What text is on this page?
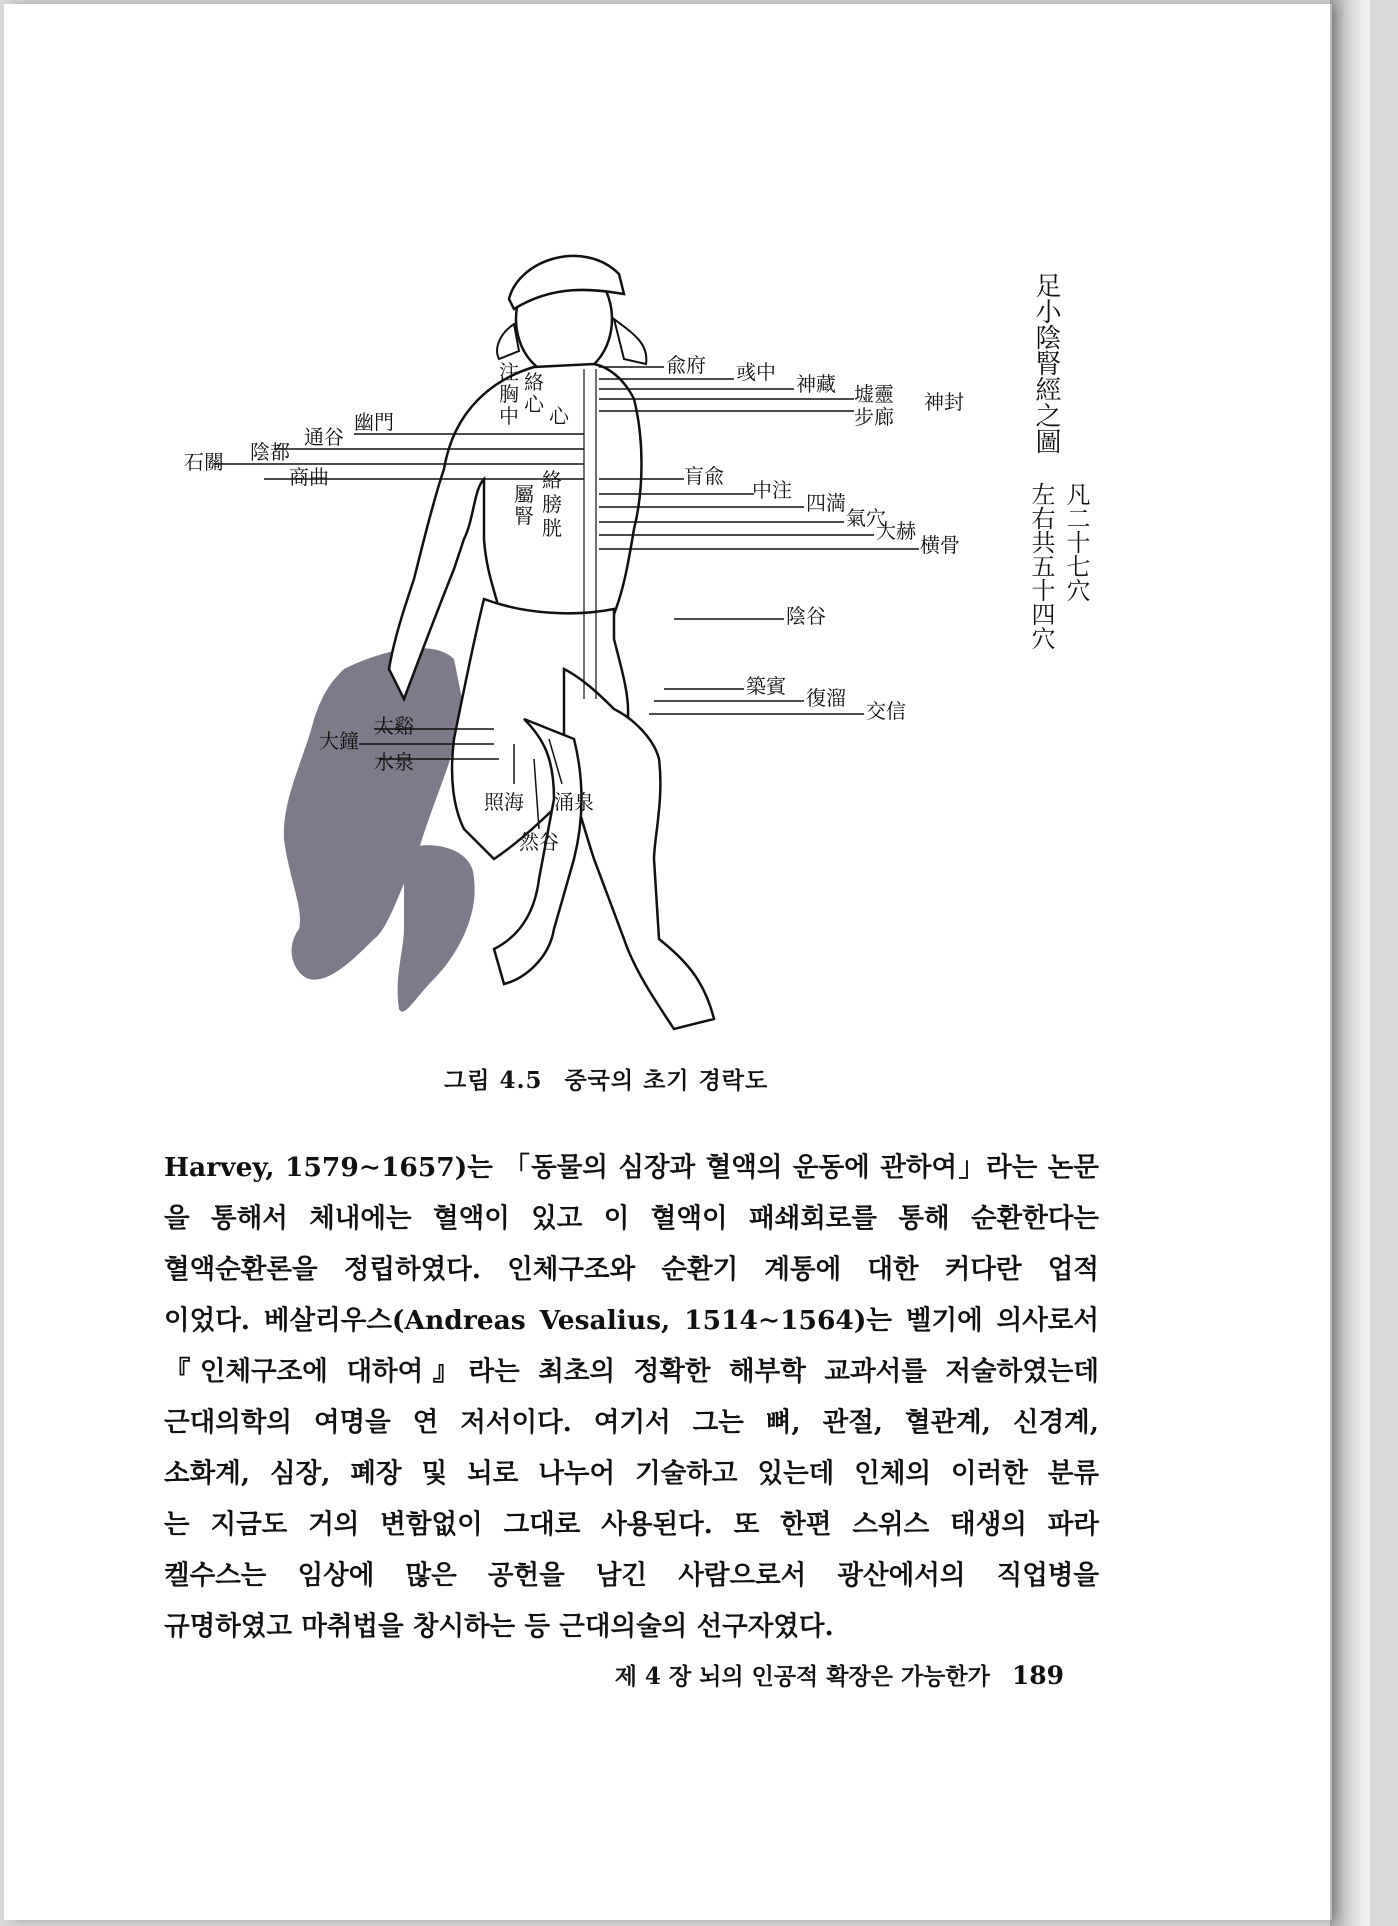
兪府 彧中 神藏 墟靈 神封
步廊
幽門
通谷
陰都
石關
商曲	肓兪
中注
四満
氣穴
大赫
横骨
陰谷
築賓 復溜
交信
太谿
大鐘
水泉
照海 涌泉
然谷
注
胸
中
絡
心 心
屬
腎
絡
膀
胱
足小陰腎經之圖
凡二十七穴
左右共五十四穴
그림 4.5 중국의 초기 경락도

Harvey, 1579∼1657)는 「동물의 심장과 혈액의 운동에 관하여」라는 논문

을 통해서 체내에는 혈액이 있고 이 혈액이 패쇄회로를 통해 순환한다는

혈액순환론을 정립하였다. 인체구조와 순환기 계통에 대한 커다란 업적

이었다. 베살리우스(Andreas Vesalius, 1514∼1564)는 벨기에 의사로서

『인체구조에 대하여』라는 최초의 정확한 해부학 교과서를 저술하였는데

근대의학의 여명을 연 저서이다. 여기서 그는 뼈, 관절, 혈관계, 신경계,

소화계, 심장, 폐장 및 뇌로 나누어 기술하고 있는데 인체의 이러한 분류

는 지금도 거의 변함없이 그대로 사용된다. 또 한편 스위스 태생의 파라

켈수스는 임상에 많은 공헌을 남긴 사람으로서 광산에서의 직업병을

규명하였고 마취법을 창시하는 등 근대의술의 선구자였다.

제 4 장 뇌의 인공적 확장은 가능한가 189
